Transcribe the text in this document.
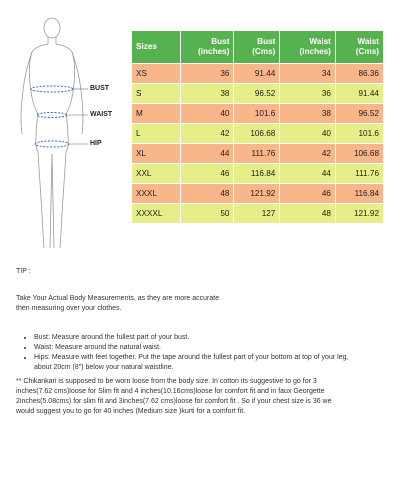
BUST
WAIST
HIP
Sizes	Bust (inches)	Bust (Cms)	Waist (inches)	Waist (Cms)
XS	36	91.44	34	86.36
S	38	96.52	36	91.44
M	40	101.6	38	96.52
L	42	106.68	40	101.6
XL	44	111.76	42	106.68
XXL	46	116.84	44	111.76
XXXL	48	121.92	46	116.84
XXXXL	50	127	48	121.92
TIP :
Take Your Actual Body Measurements, as they are more accurate
then measuring over your clothes.
• Bust: Measure around the fullest part of your bust.
• Waist: Measure around the natural waist.
• Hips: Measure with feet together. Put the tape around the fullest part of your bottom at top of your leg, about 20cm (8") below your natural waistline.
** Chikankari is supposed to be worn loose from the body size. In cotton its suggestive to go for 3
inches(7.62 cms)loose for Slim fit and 4 inches(10.16cms)loose for comfort fit and in faux Georgette
2inches(5.08cms) for slim fit and 3inches(7.62 cms)loose for comfort fit . So if your chest size is 36 we
would suggest you to go for 40 inches (Medium size )kurti for a comfort fit.
